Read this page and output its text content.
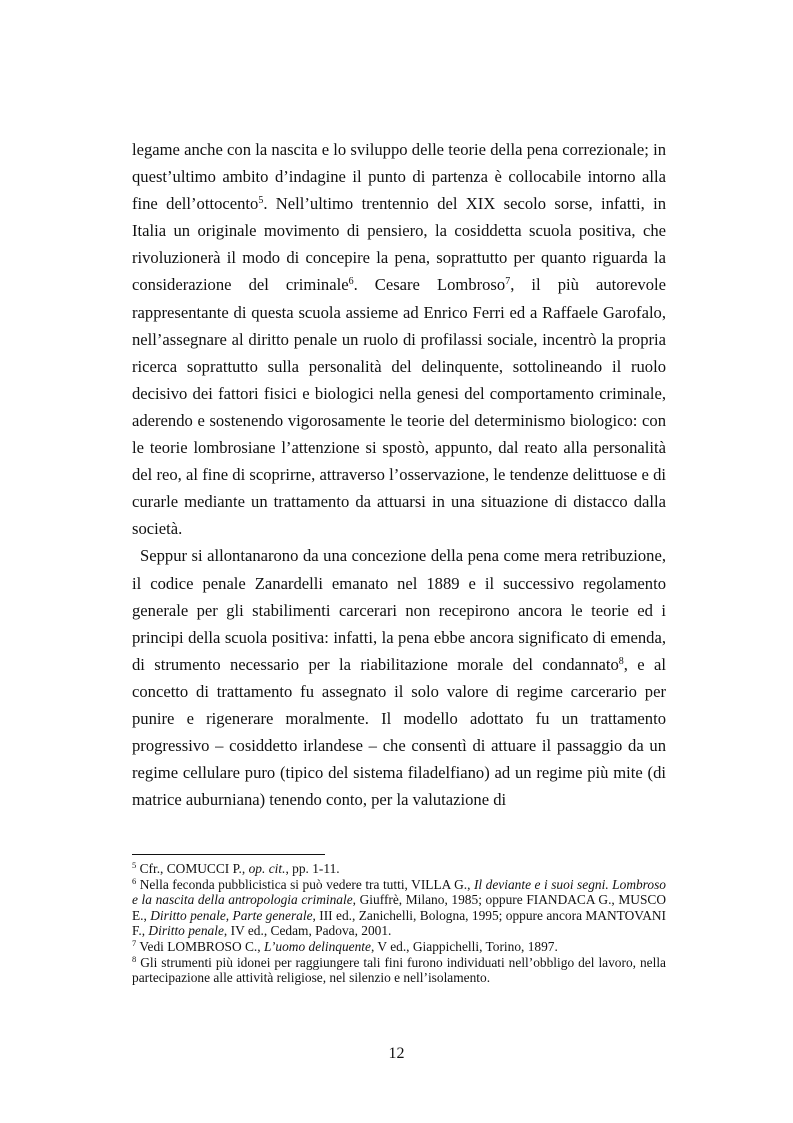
legame anche con la nascita e lo sviluppo delle teorie della pena correzionale; in quest’ultimo ambito d’indagine il punto di partenza è collocabile intorno alla fine dell’ottocento$^5$. Nell’ultimo trentennio del XIX secolo sorse, infatti, in Italia un originale movimento di pensiero, la cosiddetta scuola positiva, che rivoluzionerà il modo di concepire la pena, soprattutto per quanto riguarda la considerazione del criminale$^6$. Cesare Lombroso$^7$, il più autorevole rappresentante di questa scuola assieme ad Enrico Ferri ed a Raffaele Garofalo, nell’assegnare al diritto penale un ruolo di profilassi sociale, incentrò la propria ricerca soprattutto sulla personalità del delinquente, sottolineando il ruolo decisivo dei fattori fisici e biologici nella genesi del comportamento criminale, aderendo e sostenendo vigorosamente le teorie del determinismo biologico: con le teorie lombrosiane l’attenzione si spostò, appunto, dal reato alla personalità del reo, al fine di scoprirne, attraverso l’osservazione, le tendenze delittuose e di curarle mediante un trattamento da attuarsi in una situazione di distacco dalla società.

Seppur si allontanarono da una concezione della pena come mera retribuzione, il codice penale Zanardelli emanato nel 1889 e il successivo regolamento generale per gli stabilimenti carcerari non recepirono ancora le teorie ed i principi della scuola positiva: infatti, la pena ebbe ancora significato di emenda, di strumento necessario per la riabilitazione morale del condannato$^8$, e al concetto di trattamento fu assegnato il solo valore di regime carcerario per punire e rigenerare moralmente. Il modello adottato fu un trattamento progressivo – cosiddetto irlandese – che consentì di attuare il passaggio da un regime cellulare puro (tipico del sistema filadelfiano) ad un regime più mite (di matrice auburniana) tenendo conto, per la valutazione di

$^5$ Cfr., COMUCCI P., op. cit., pp. 1-11.

$^6$ Nella feconda pubblicistica si può vedere tra tutti, VILLA G., Il deviante e i suoi segni. Lombroso e la nascita della antropologia criminale, Giuffrè, Milano, 1985; oppure FIANDACA G., MUSCO E., Diritto penale, Parte generale, III ed., Zanichelli, Bologna, 1995; oppure ancora MANTOVANI F., Diritto penale, IV ed., Cedam, Padova, 2001.

$^7$ Vedi LOMBROSO C., L’uomo delinquente, V ed., Giappichelli, Torino, 1897.

$^8$ Gli strumenti più idonei per raggiungere tali fini furono individuati nell’obbligo del lavoro, nella partecipazione alle attività religiose, nel silenzio e nell’isolamento.

12
